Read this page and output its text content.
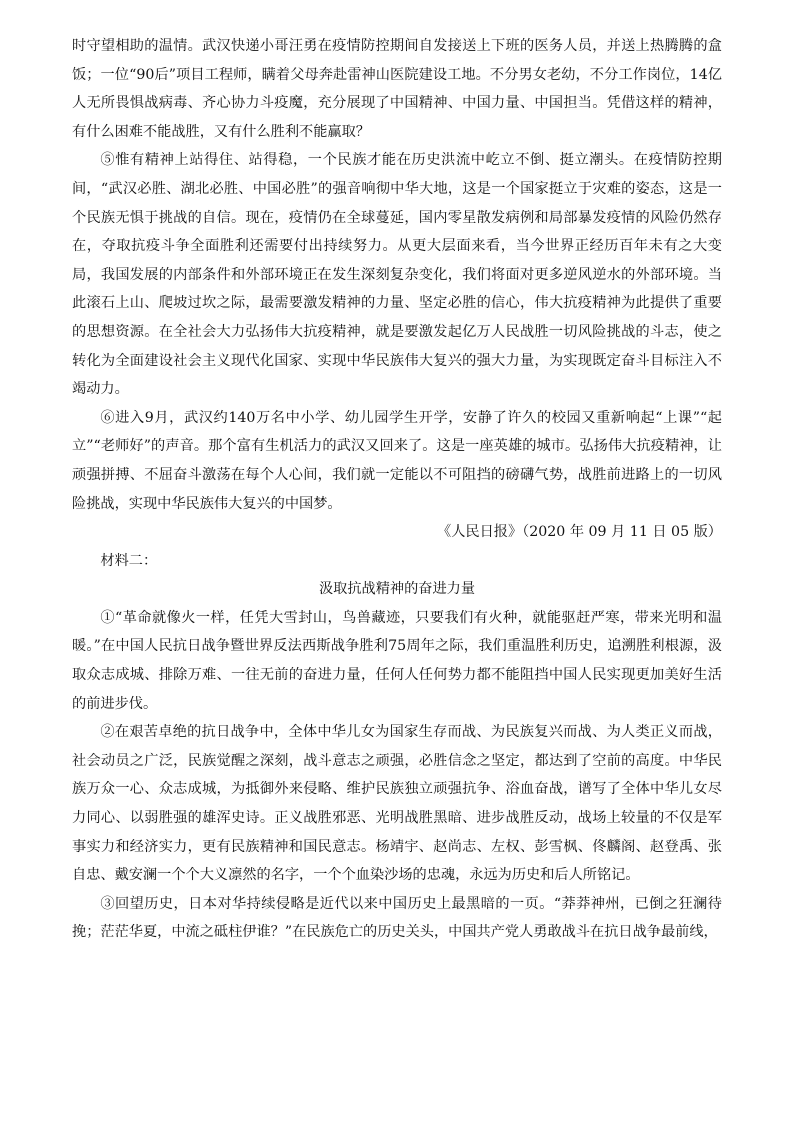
时守望相助的温情。武汉快递小哥汪勇在疫情防控期间自发接送上下班的医务人员，并送上热腾腾的盒饭；一位“90后”项目工程师，瞒着父母奔赴雷神山医院建设工地。不分男女老幼，不分工作岗位，14亿人无所畏惧战病毒、齐心协力斗疫魔，充分展现了中国精神、中国力量、中国担当。凭借这样的精神，有什么困难不能战胜，又有什么胜利不能赢取？

⑤惟有精神上站得住、站得稳，一个民族才能在历史洪流中屹立不倒、挺立潮头。在疫情防控期间，“武汉必胜、湖北必胜、中国必胜”的强音响彻中华大地，这是一个国家挺立于灾难的姿态，这是一个民族无惧于挑战的自信。现在，疫情仍在全球蔓延，国内零星散发病例和局部暴发疫情的风险仍然存在，夺取抗疫斗争全面胜利还需要付出持续努力。从更大层面来看，当今世界正经历百年未有之大变局，我国发展的内部条件和外部环境正在发生深刻复杂变化，我们将面对更多逆风逆水的外部环境。当此滚石上山、爬坡过坎之际，最需要激发精神的力量、坚定必胜的信心，伟大抗疫精神为此提供了重要的思想资源。在全社会大力弘扬伟大抗疫精神，就是要激发起亿万人民战胜一切风险挑战的斗志，使之转化为全面建设社会主义现代化国家、实现中华民族伟大复兴的强大力量，为实现既定奋斗目标注入不竭动力。

⑥进入9月，武汉约140万名中小学、幼儿园学生开学，安静了许久的校园又重新响起“上课”“起立”“老师好”的声音。那个富有生机活力的武汉又回来了。这是一座英雄的城市。弘扬伟大抗疫精神，让顽强拼搏、不屈奋斗激荡在每个人心间，我们就一定能以不可阻挡的磅礴气势，战胜前进路上的一切风险挑战，实现中华民族伟大复兴的中国梦。

《人民日报》（2020 年 09 月 11 日 05 版）

材料二：

汲取抗战精神的奋进力量

①“革命就像火一样，任凭大雪封山，鸟兽藏迹，只要我们有火种，就能驱赶严寒，带来光明和温暖。”在中国人民抗日战争暨世界反法西斯战争胜利75周年之际，我们重温胜利历史，追溯胜利根源，汲取众志成城、排除万难、一往无前的奋进力量，任何人任何势力都不能阻挡中国人民实现更加美好生活的前进步伐。

②在艰苦卓绝的抗日战争中，全体中华儿女为国家生存而战、为民族复兴而战、为人类正义而战，社会动员之广泛，民族觉醒之深刻，战斗意志之顽强，必胜信念之坚定，都达到了空前的高度。中华民族万众一心、众志成城，为抵御外来侵略、维护民族独立顽强抗争、浴血奋战，谱写了全体中华儿女尽力同心、以弱胜强的雄浑史诗。正义战胜邪恶、光明战胜黑暗、进步战胜反动，战场上较量的不仅是军事实力和经济实力，更有民族精神和国民意志。杨靖宇、赵尚志、左权、彭雪枫、佟麟阁、赵登禹、张自忠、戴安澜一个个大义凛然的名字，一个个血染沙场的忠魂，永远为历史和后人所铭记。

③回望历史，日本对华持续侵略是近代以来中国历史上最黑暗的一页。“莽莽神州，已倒之狂澜待挽；茫茫华夏，中流之砥柱伊谁？”在民族危亡的历史关头，中国共产党人勇敢战斗在抗日战争最前线，
